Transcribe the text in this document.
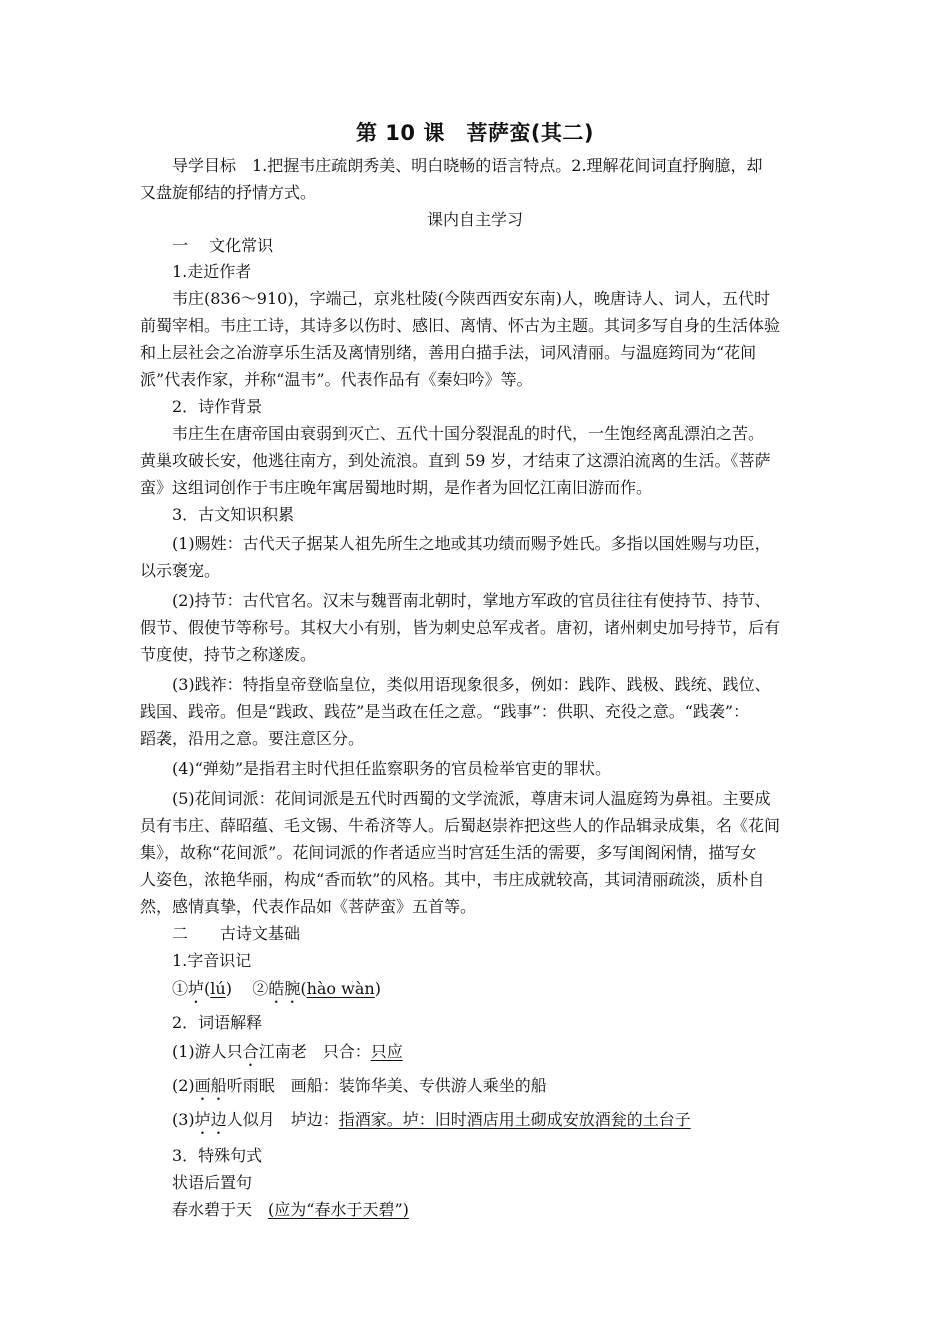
第 10 课　菩萨蛮(其二)
导学目标　1.把握韦庄疏朗秀美、明白晓畅的语言特点。2.理解花间词直抒胸臆，却
又盘旋郁结的抒情方式。
课内自主学习
一　 文化常识
1.走近作者
韦庄(836～910)，字端己，京兆杜陵(今陕西西安东南)人，晚唐诗人、词人，五代时
前蜀宰相。韦庄工诗，其诗多以伤时、感旧、离情、怀古为主题。其词多写自身的生活体验
和上层社会之冶游享乐生活及离情别绪，善用白描手法，词风清丽。与温庭筠同为“花间
派”代表作家，并称“温韦”。代表作品有《秦妇吟》等。
2．诗作背景
韦庄生在唐帝国由衰弱到灭亡、五代十国分裂混乱的时代，一生饱经离乱漂泊之苦。
黄巢攻破长安，他逃往南方，到处流浪。直到 59 岁，才结束了这漂泊流离的生活。《菩萨
蛮》这组词创作于韦庄晚年寓居蜀地时期，是作者为回忆江南旧游而作。
3．古文知识积累
(1)赐姓：古代天子据某人祖先所生之地或其功绩而赐予姓氏。多指以国姓赐与功臣，
以示褒宠。
(2)持节：古代官名。汉末与魏晋南北朝时，掌地方军政的官员往往有使持节、持节、
假节、假使节等称号。其权大小有别，皆为刺史总军戎者。唐初，诸州刺史加号持节，后有
节度使，持节之称遂废。
(3)践祚：特指皇帝登临皇位，类似用语现象很多，例如：践阼、践极、践统、践位、
践国、践帝。但是“践政、践莅”是当政在任之意。“践事”：供职、充役之意。“践袭”：
蹈袭，沿用之意。要注意区分。
(4)“弹劾”是指君主时代担任监察职务的官员检举官吏的罪状。
(5)花间词派：花间词派是五代时西蜀的文学流派，尊唐末词人温庭筠为鼻祖。主要成
员有韦庄、薛昭蕴、毛文锡、牛希济等人。后蜀赵崇祚把这些人的作品辑录成集，名《花间
集》，故称“花间派”。花间词派的作者适应当时宫廷生活的需要，多写闺阁闲情，描写女
人姿色，浓艳华丽，构成“香而软”的风格。其中，韦庄成就较高，其词清丽疏淡，质朴自
然，感情真挚，代表作品如《菩萨蛮》五首等。
二　　古诗文基础
1.字音识记
①垆(lú)    ②皓腕(hào wàn)
2．词语解释
(1)游人只合江南老　只合：只应
(2)画船听雨眠　画船：装饰华美、专供游人乘坐的船
(3)垆边人似月　垆边：指酒家。垆：旧时酒店用土砌成安放酒瓮的土台子
3．特殊句式
状语后置句
春水碧于天　(应为“春水于天碧”)
